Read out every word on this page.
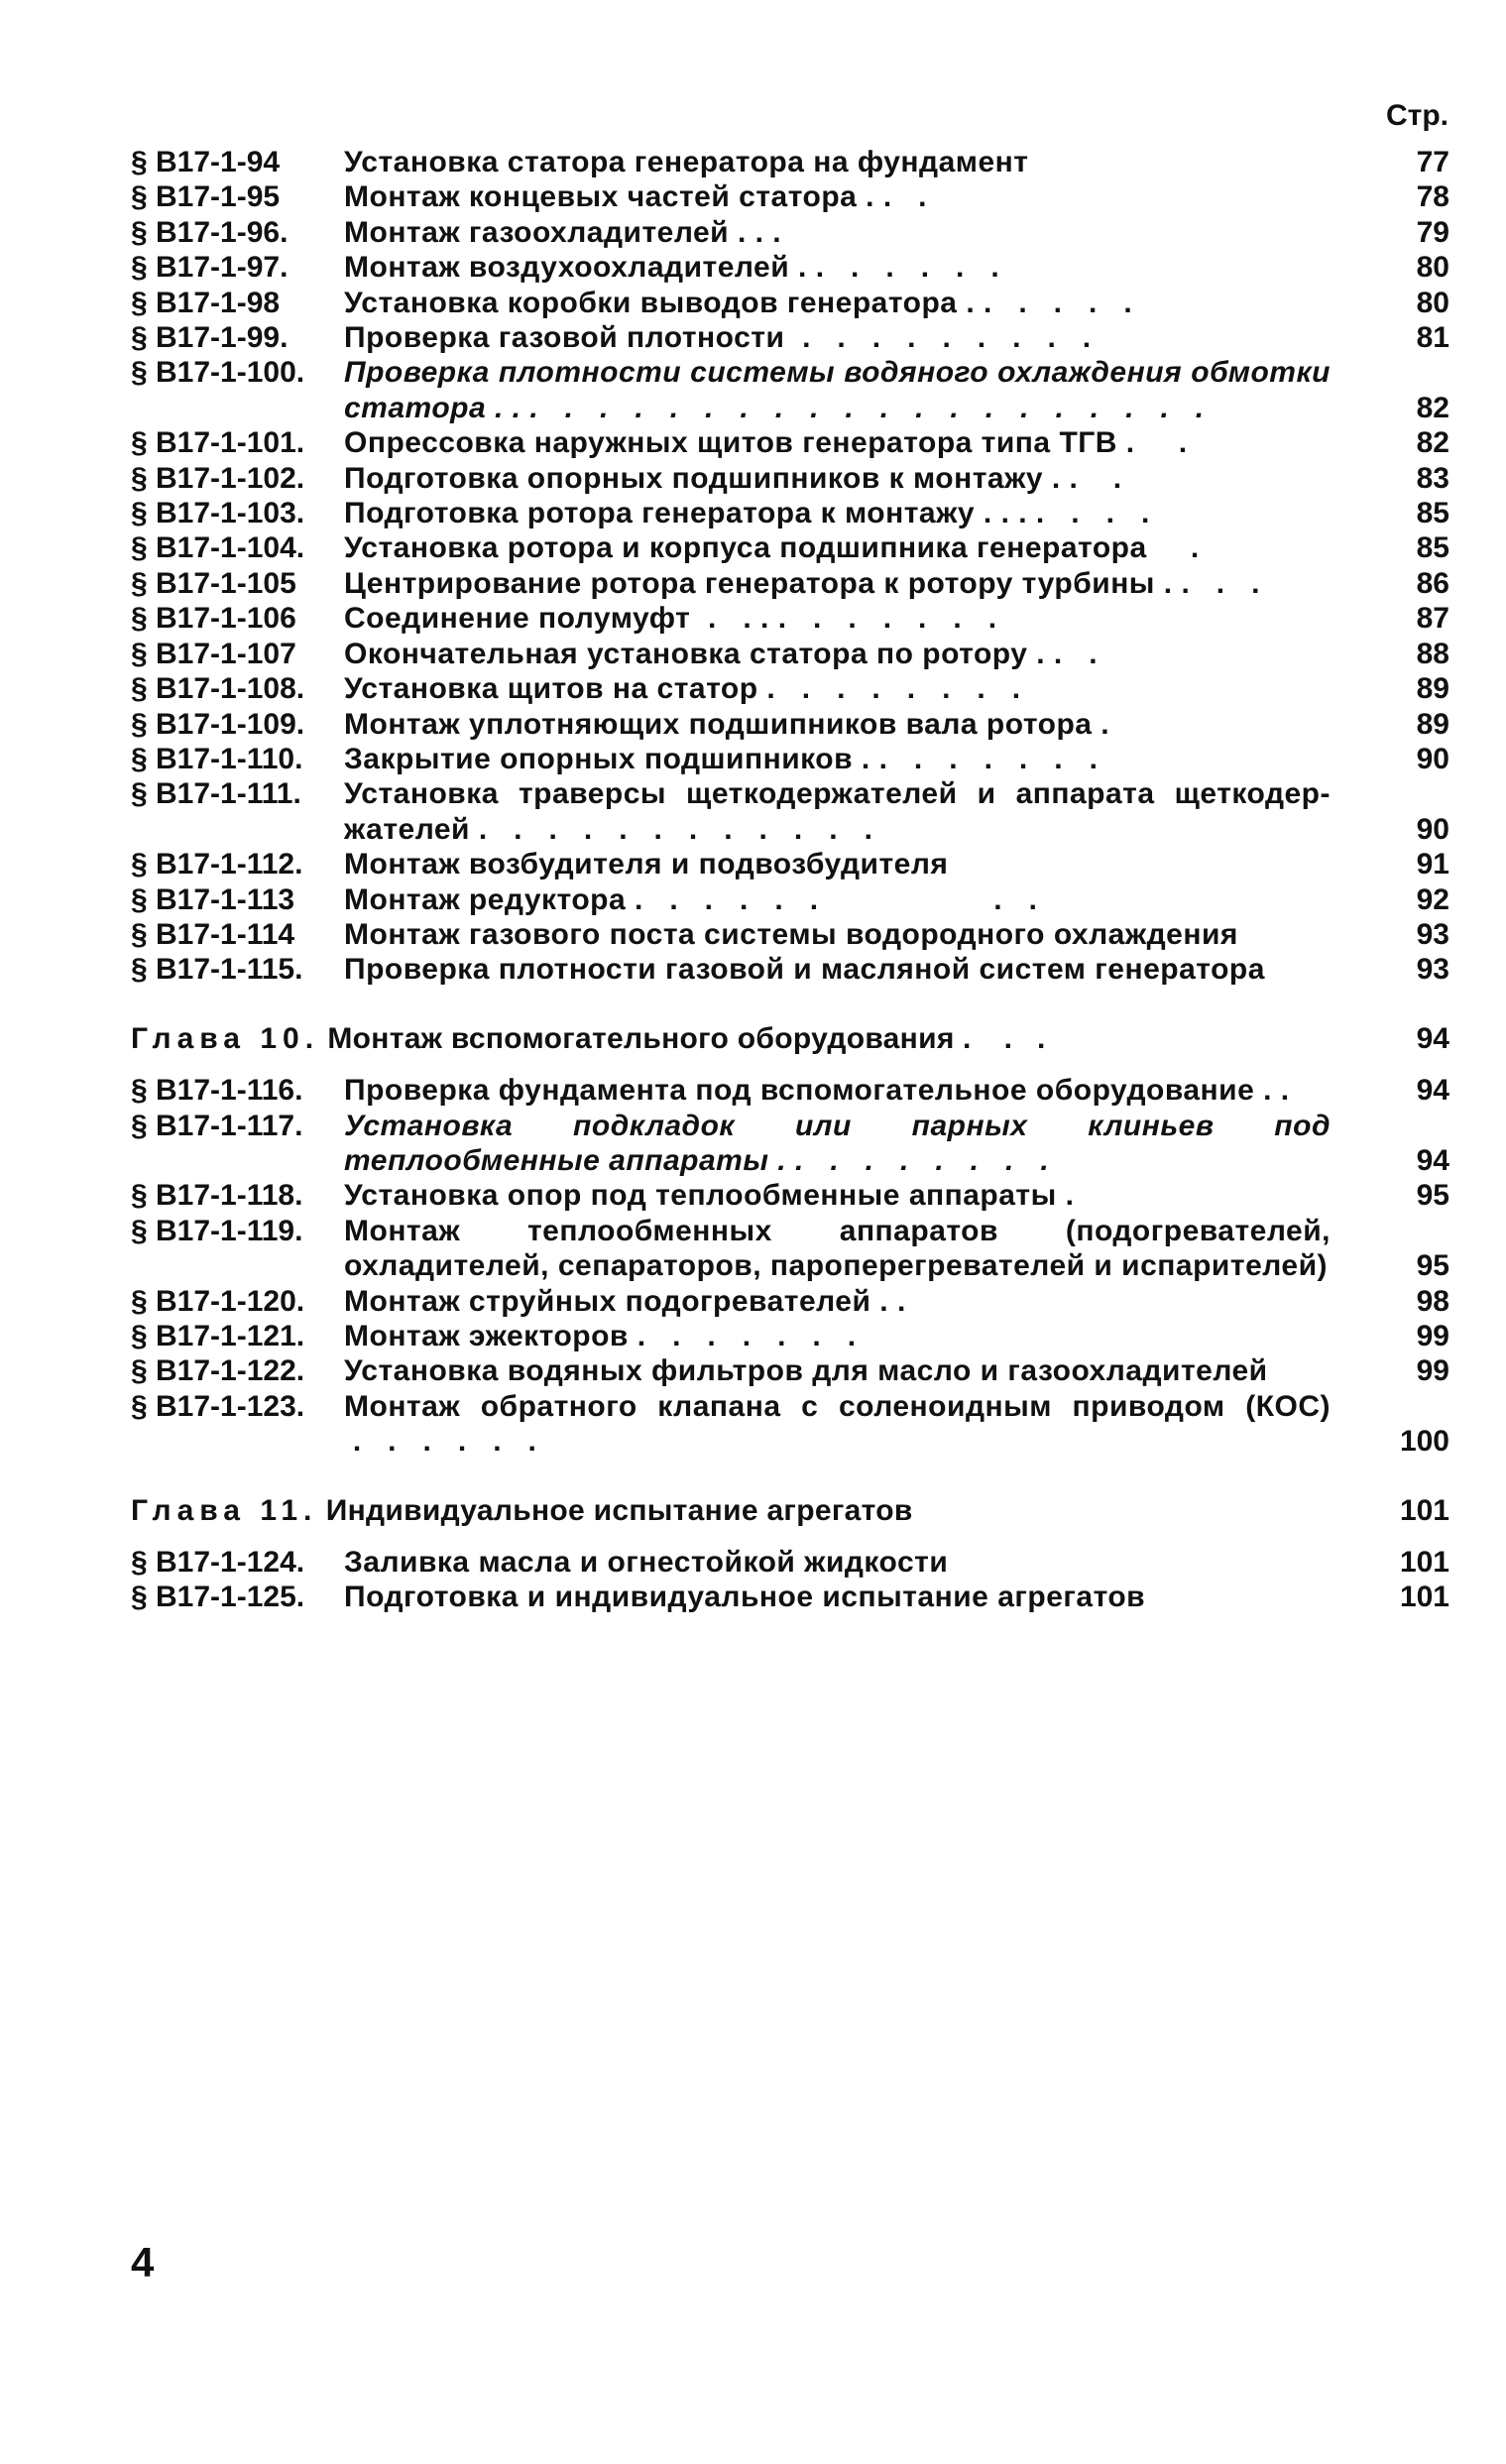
Стр.
§ В17-1-94 Установка статора генератора на фундамент	77
§ В17-1-95 Монтаж концевых частей статора . .   .	78
§ В17-1-96. Монтаж газоохладителей . . .	79
§ В17-1-97. Монтаж воздухоохладителей . .   .   .   .   .   .	80
§ В17-1-98 Установка коробки выводов генератора . .   .   .   .   .	80
§ В17-1-99. Проверка газовой плотности  .   .   .   .   .   .   .   .   .	81
§ В17-1-100. Проверка плотности системы водяного охлаждения обмотки статора . . .   .   .   .   .   .   .   .   .   .   .   .   .   .   .   .   .   .   .   .	82
§ В17-1-101. Опрессовка наружных щитов генератора типа ТГВ .     .	82
§ В17-1-102. Подготовка опорных подшипников к монтажу . .    .	83
§ В17-1-103. Подготовка ротора генератора к монтажу . . . .   .   .   .	85
§ В17-1-104. Установка ротора и корпуса подшипника генератора     .	85
§ В17-1-105 Центрирование ротора генератора к ротору турбины . .   .   .	86
§ В17-1-106 Соединение полумуфт  .   . . .   .   .   .   .   .   .	87
§ В17-1-107 Окончательная установка статора по ротору . .   .	88
§ В17-1-108. Установка щитов на статор .   .   .   .   .   .   .   .	89
§ В17-1-109. Монтаж уплотняющих подшипников вала ротора .	89
§ В17-1-110. Закрытие опорных подшипников . .   .   .   .   .   .   .	90
§ В17-1-111. Установка траверсы щеткодержателей и аппарата щеткодер-жателей .   .   .   .   .   .   .   .   .   .   .   .	90
§ В17-1-112. Монтаж возбудителя и подвозбудителя	91
§ В17-1-113 Монтаж редуктора .   .   .   .   .   .                    .   .	92
§ В17-1-114 Монтаж газового поста системы водородного охлаждения	93
§ В17-1-115. Проверка плотности газовой и масляной систем генератора	93
Глава 10. Монтаж вспомогательного оборудования .    .   .	94
§ В17-1-116. Проверка фундамента под вспомогательное оборудование . .	94
§ В17-1-117. Установка подкладок или парных клиньев под теплообменные аппараты . .   .   .   .   .   .   .   .	94
§ В17-1-118. Установка опор под теплообменные аппараты .	95
§ В17-1-119. Монтаж теплообменных аппаратов (подогревателей, охладителей, сепараторов, пароперегревателей и испарителей)	95
§ В17-1-120. Монтаж струйных подогревателей . .	98
§ В17-1-121. Монтаж эжекторов .   .   .   .   .   .   .	99
§ В17-1-122. Установка водяных фильтров для масло и газоохладителей	99
§ В17-1-123. Монтаж обратного клапана с соленоидным приводом (КОС) .   .   .   .   .   .	100
Глава 11. Индивидуальное испытание агрегатов	101
§ В17-1-124. Заливка масла и огнестойкой жидкости	101
§ В17-1-125. Подготовка и индивидуальное испытание агрегатов	101
4
